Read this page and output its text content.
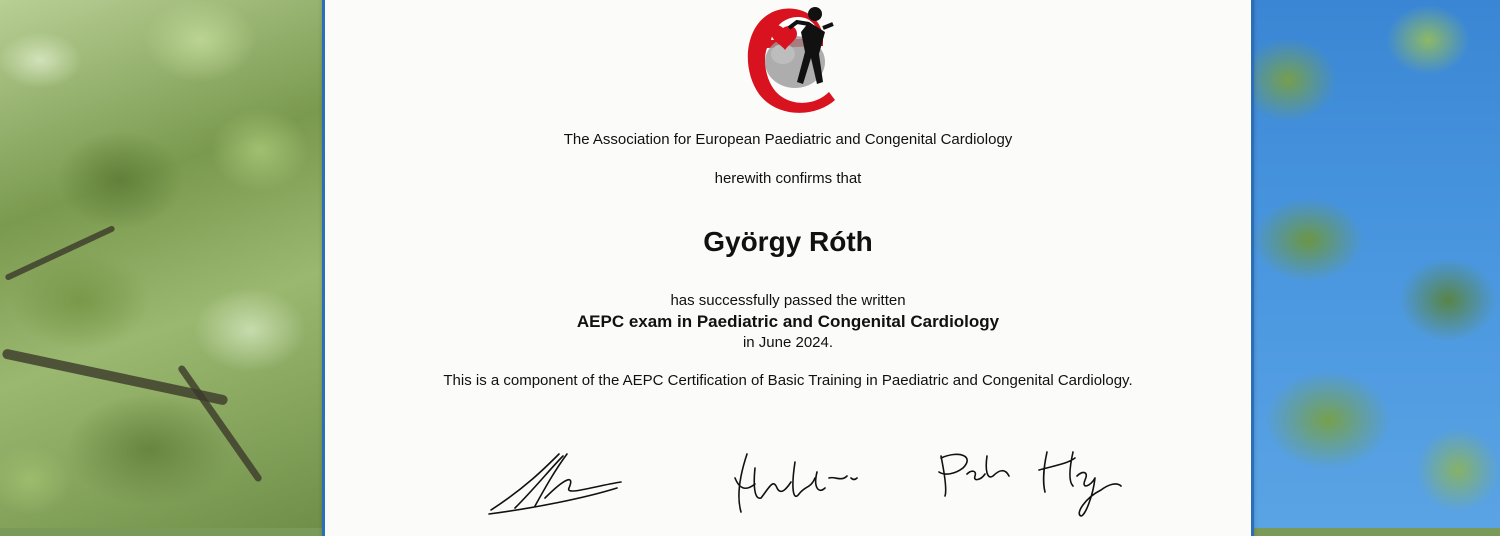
The Association for European Paediatric and Congenital Cardiology
herewith confirms that
György Róth
has successfully passed the written
AEPC exam in Paediatric and Congenital Cardiology
in June 2024.
This is a component of the AEPC Certification of Basic Training in Paediatric and Congenital Cardiology.
